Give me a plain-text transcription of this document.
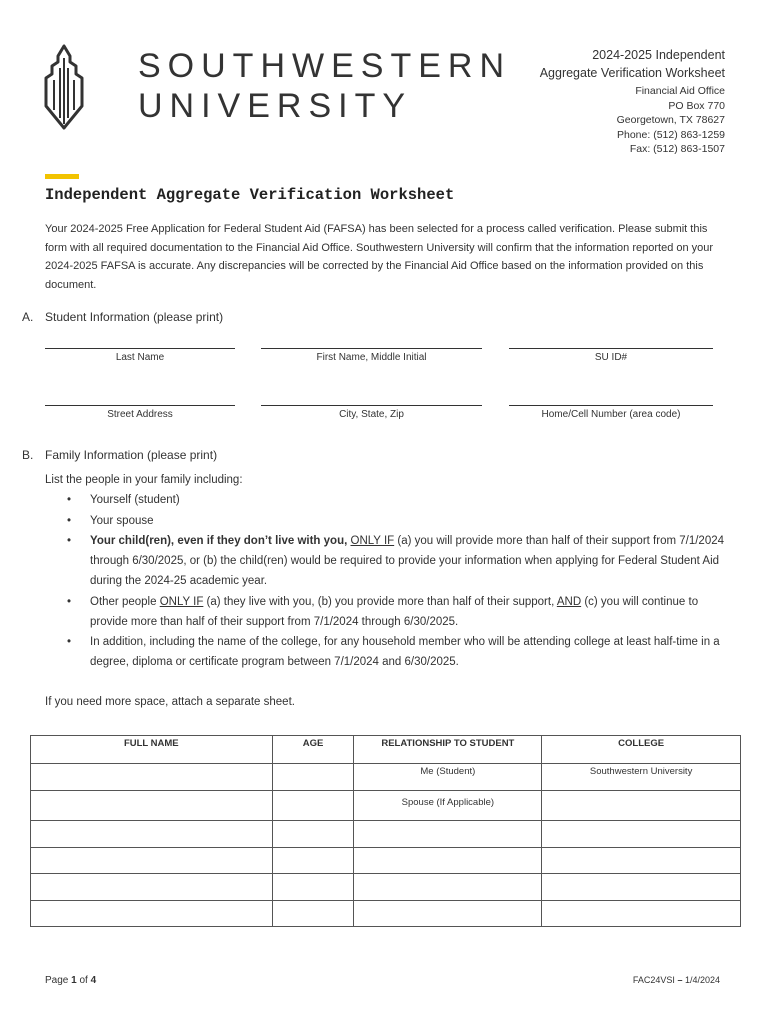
SOUTHWESTERN
UNIVERSITY
2024-2025 Independent
Aggregate Verification Worksheet
Financial Aid Office
PO Box 770
Georgetown, TX 78627
Phone: (512) 863-1259
Fax: (512) 863-1507
Independent Aggregate Verification Worksheet
Your 2024-2025 Free Application for Federal Student Aid (FAFSA) has been selected for a process called verification. Please submit this form with all required documentation to the Financial Aid Office. Southwestern University will confirm that the information reported on your 2024-2025 FAFSA is accurate. Any discrepancies will be corrected by the Financial Aid Office based on the information provided on this document.
A. Student Information (please print)
Last Name	First Name, Middle Initial	SU ID#
Street Address	City, State, Zip	Home/Cell Number (area code)
B. Family Information (please print)
List the people in your family including:
• Yourself (student)
• Your spouse
• Your child(ren), even if they don’t live with you, ONLY IF (a) you will provide more than half of their support from 7/1/2024 through 6/30/2025, or (b) the child(ren) would be required to provide your information when applying for Federal Student Aid during the 2024-25 academic year.
• Other people ONLY IF (a) they live with you, (b) you provide more than half of their support, AND (c) you will continue to provide more than half of their support from 7/1/2024 through 6/30/2025.
• In addition, including the name of the college, for any household member who will be attending college at least half-time in a degree, diploma or certificate program between 7/1/2024 and 6/30/2025.
If you need more space, attach a separate sheet.
FULL NAME	AGE	RELATIONSHIP TO STUDENT	COLLEGE
		Me (Student)	Southwestern University
		Spouse (If Applicable)	

Page 1 of 4	FAC24VSI – 1/4/2024
